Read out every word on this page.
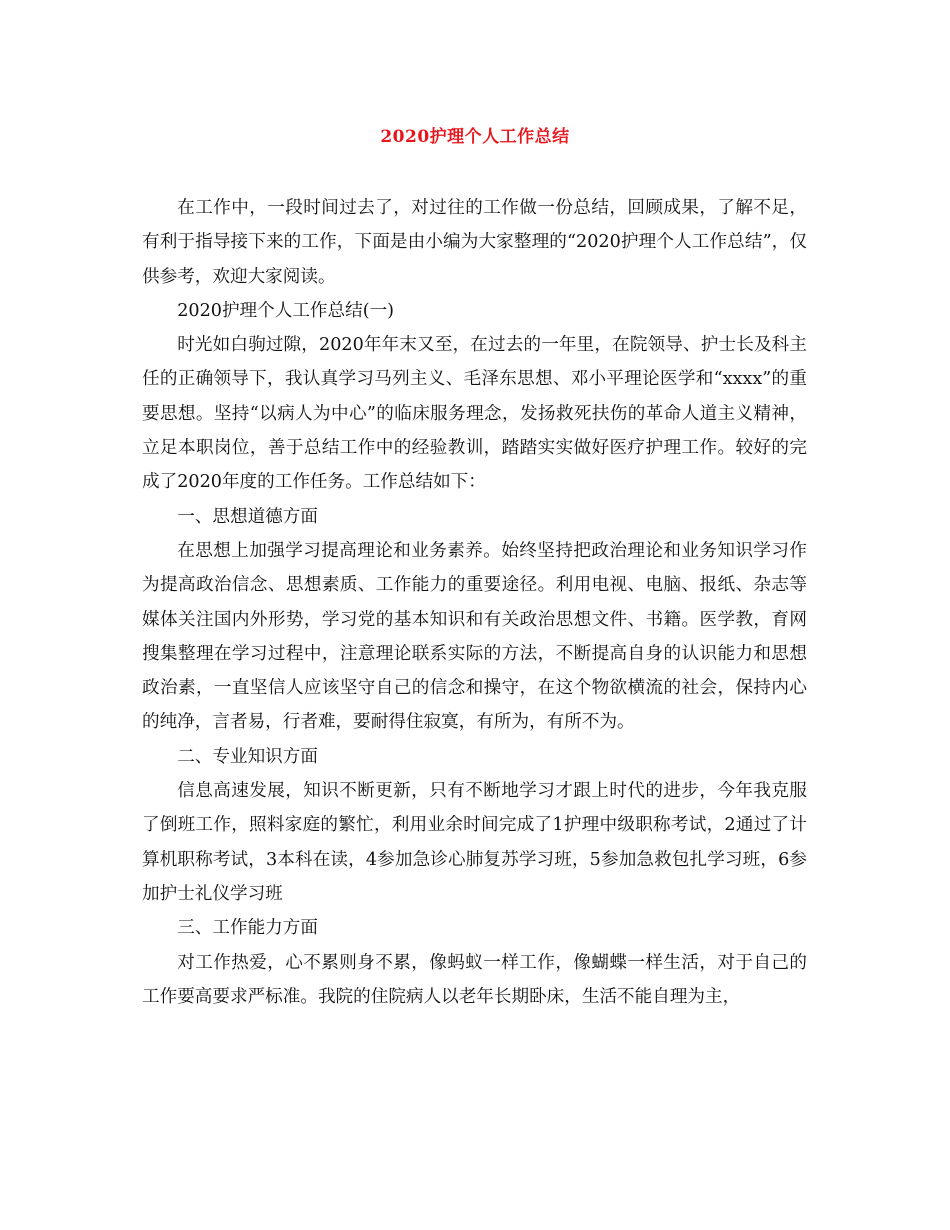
2020护理个人工作总结

在工作中，一段时间过去了，对过往的工作做一份总结，回顾成果，了解不足，有利于指导接下来的工作，下面是由小编为大家整理的“2020护理个人工作总结”，仅供参考，欢迎大家阅读。

2020护理个人工作总结(一)

时光如白驹过隙，2020年年末又至，在过去的一年里，在院领导、护士长及科主任的正确领导下，我认真学习马列主义、毛泽东思想、邓小平理论医学和“xxxx”的重要思想。坚持“以病人为中心”的临床服务理念，发扬救死扶伤的革命人道主义精神，立足本职岗位，善于总结工作中的经验教训，踏踏实实做好医疗护理工作。较好的完成了2020年度的工作任务。工作总结如下：

一、思想道德方面

在思想上加强学习提高理论和业务素养。始终坚持把政治理论和业务知识学习作为提高政治信念、思想素质、工作能力的重要途径。利用电视、电脑、报纸、杂志等媒体关注国内外形势，学习党的基本知识和有关政治思想文件、书籍。医学教，育网搜集整理在学习过程中，注意理论联系实际的方法，不断提高自身的认识能力和思想政治素，一直坚信人应该坚守自己的信念和操守，在这个物欲横流的社会，保持内心的纯净，言者易，行者难，要耐得住寂寞，有所为，有所不为。

二、专业知识方面

信息高速发展，知识不断更新，只有不断地学习才跟上时代的进步，今年我克服了倒班工作，照料家庭的繁忙，利用业余时间完成了1护理中级职称考试，2通过了计算机职称考试，3本科在读，4参加急诊心肺复苏学习班，5参加急救包扎学习班，6参加护士礼仪学习班

三、工作能力方面

对工作热爱，心不累则身不累，像蚂蚁一样工作，像蝴蝶一样生活，对于自己的工作要高要求严标准。我院的住院病人以老年长期卧床，生活不能自理为主，
